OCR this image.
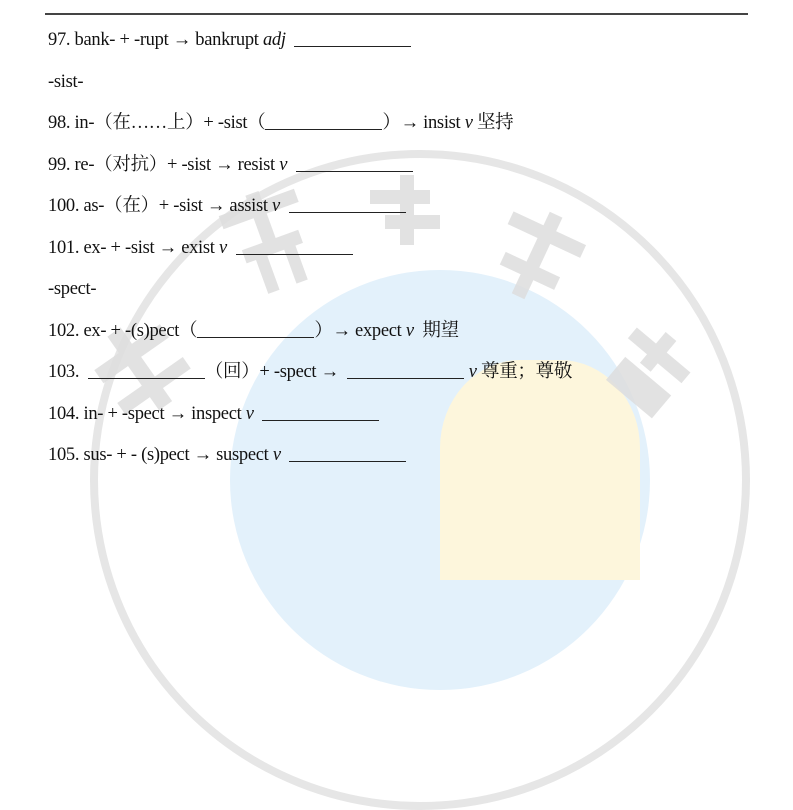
97. bank- + -rupt → bankrupt adj
-sist-
98. in-（在……上）+ -sist（	）→ insist v 坚持
99. re-（对抗）+ -sist → resist v
100. as-（在）+ -sist → assist v
101. ex- + -sist → exist v
-spect-
102. ex- + -(s)pect（	）→ expect v  期望
103.	（回）+ -spect →	v 尊重；尊敬
104. in- + -spect → inspect v
105. sus- + - (s)pect → suspect v
